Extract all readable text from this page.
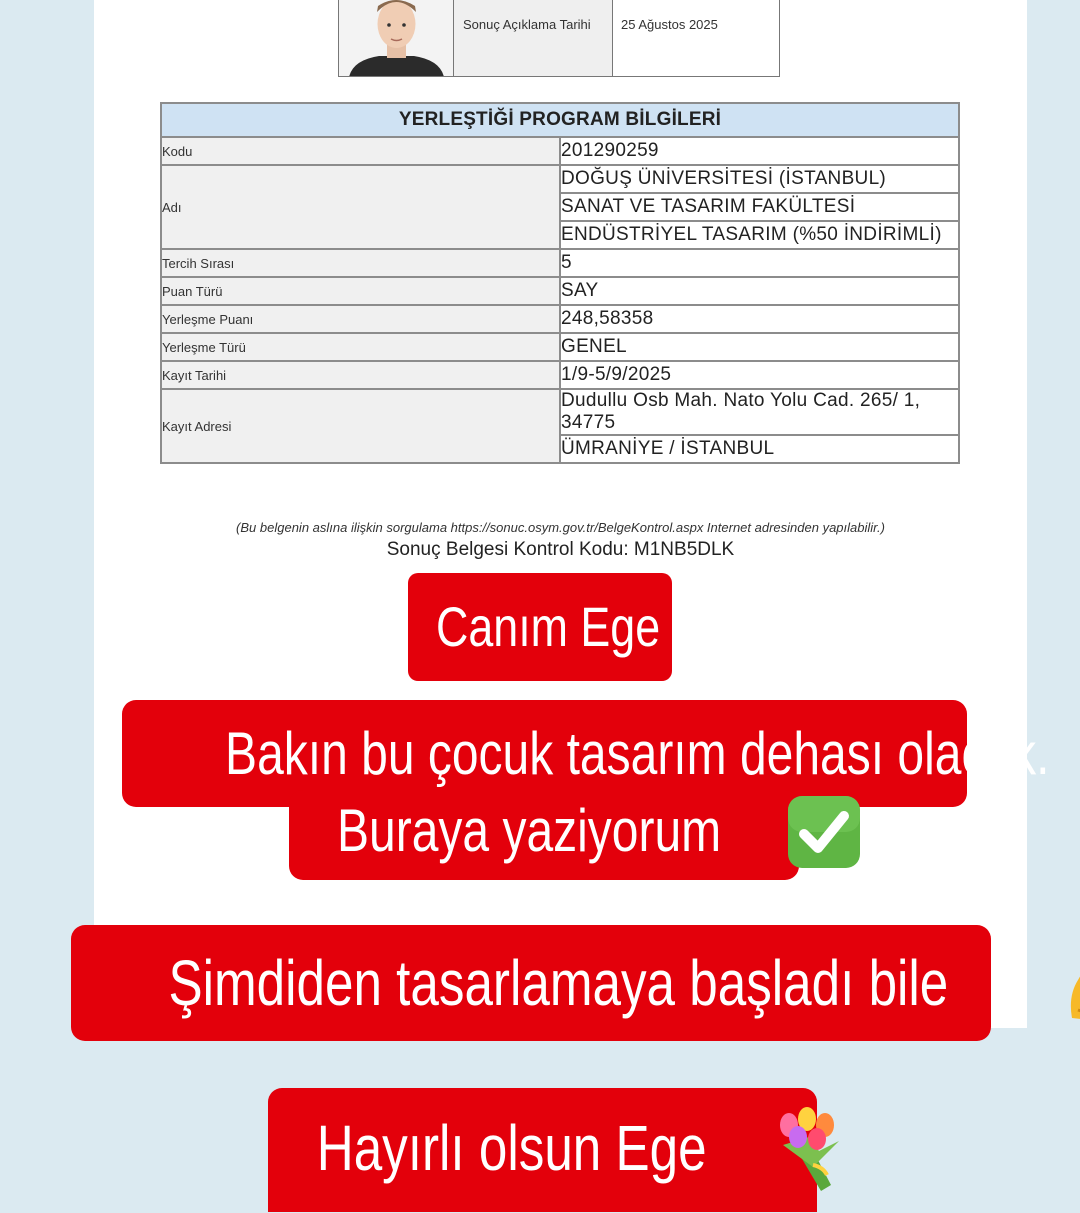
Sonuç Açıklama Tarihi	25 Ağustos 2025
YERLEŞTİĞİ PROGRAM BİLGİLERİ	
Kodu	201290259
Adı	DOĞUŞ ÜNİVERSİTESİ (İSTANBUL)
	SANAT VE TASARIM FAKÜLTESİ
	ENDÜSTRİYEL TASARIM (%50 İNDİRİMLİ)
Tercih Sırası	5
Puan Türü	SAY
Yerleşme Puanı	248,58358
Yerleşme Türü	GENEL
Kayıt Tarihi	1/9-5/9/2025
Kayıt Adresi	Dudullu Osb Mah. Nato Yolu Cad. 265/ 1, 34775
	ÜMRANİYE / İSTANBUL
(Bu belgenin aslına ilişkin sorgulama https://sonuc.osym.gov.tr/BelgeKontrol.aspx Internet adresinden yapılabilir.)
Sonuç Belgesi Kontrol Kodu: M1NB5DLK
Canım Ege
Bakın bu çocuk tasarım dehası olacak.
Buraya yaziyorum
Şimdiden tasarlamaya başladı bile
Hayırlı olsun Ege
